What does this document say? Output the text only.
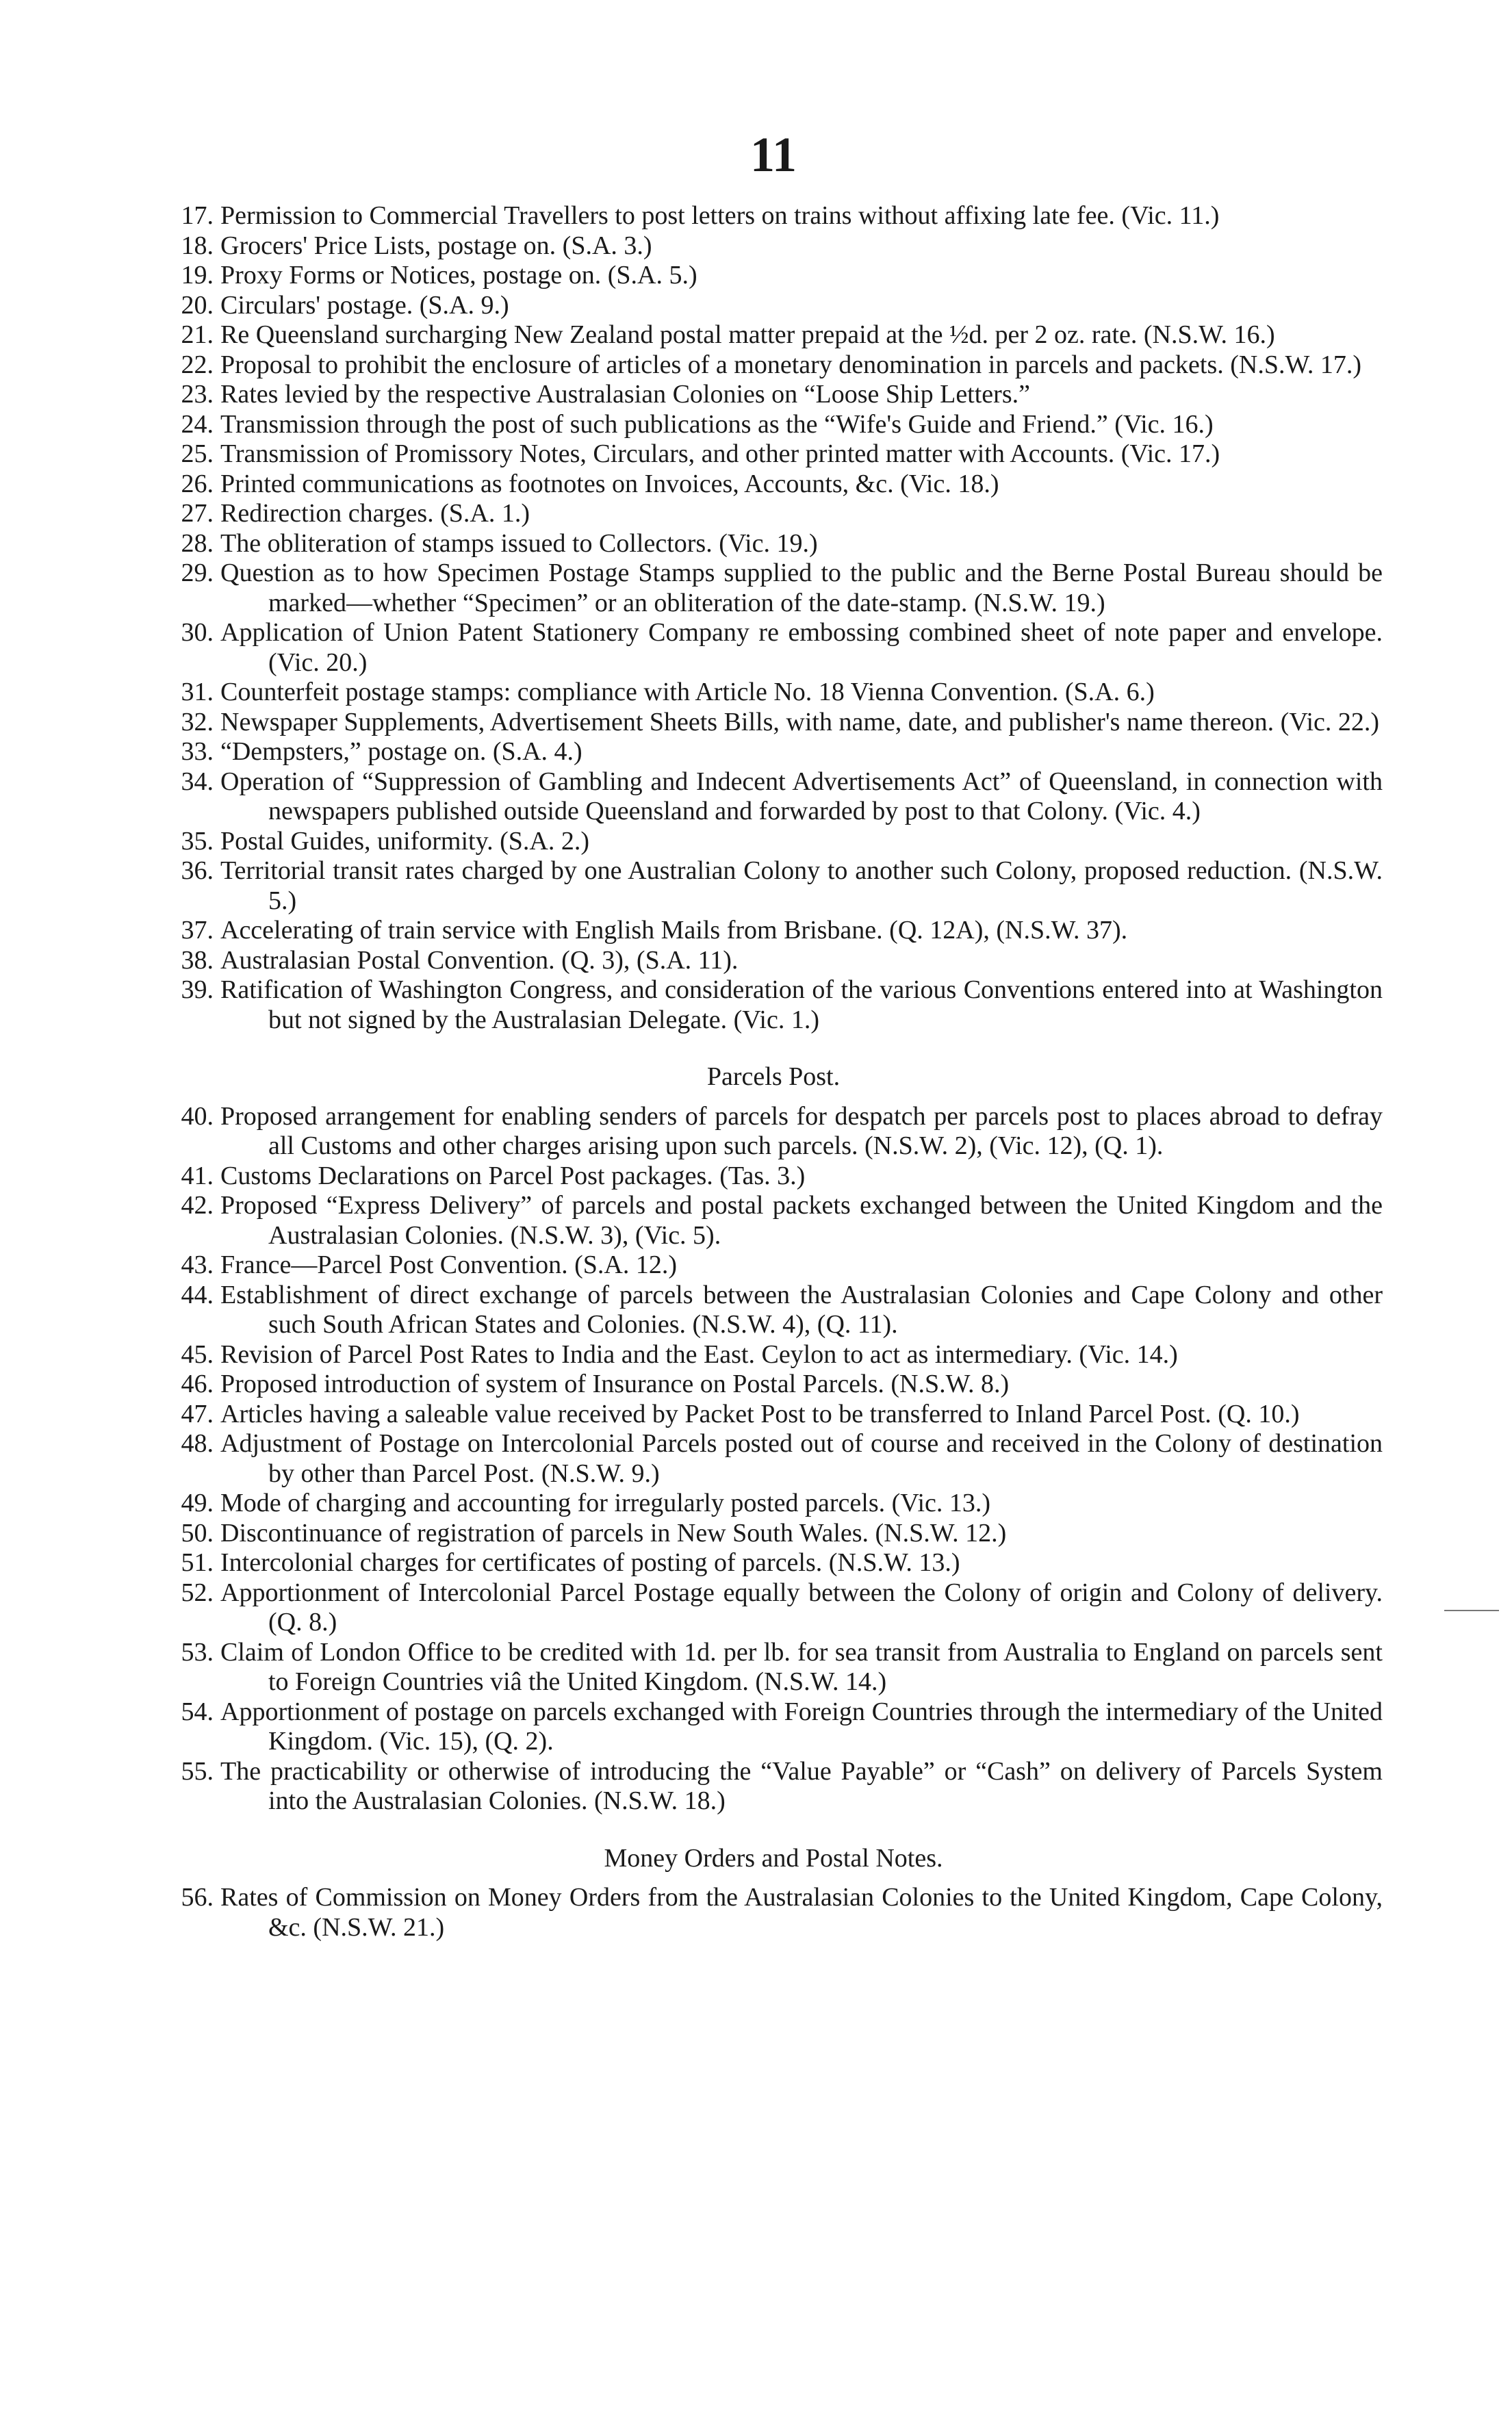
11
17. Permission to Commercial Travellers to post letters on trains without affixing late fee. (Vic. 11.)
18. Grocers' Price Lists, postage on. (S.A. 3.)
19. Proxy Forms or Notices, postage on. (S.A. 5.)
20. Circulars' postage. (S.A. 9.)
21. Re Queensland surcharging New Zealand postal matter prepaid at the ½d. per 2 oz. rate. (N.S.W. 16.)
22. Proposal to prohibit the enclosure of articles of a monetary denomination in parcels and packets. (N.S.W. 17.)
23. Rates levied by the respective Australasian Colonies on “Loose Ship Letters.”
24. Transmission through the post of such publications as the “Wife's Guide and Friend.” (Vic. 16.)
25. Transmission of Promissory Notes, Circulars, and other printed matter with Accounts. (Vic. 17.)
26. Printed communications as footnotes on Invoices, Accounts, &c. (Vic. 18.)
27. Redirection charges. (S.A. 1.)
28. The obliteration of stamps issued to Collectors. (Vic. 19.)
29. Question as to how Specimen Postage Stamps supplied to the public and the Berne Postal Bureau should be marked—whether “Specimen” or an obliteration of the date-stamp. (N.S.W. 19.)
30. Application of Union Patent Stationery Company re embossing combined sheet of note paper and envelope. (Vic. 20.)
31. Counterfeit postage stamps: compliance with Article No. 18 Vienna Convention. (S.A. 6.)
32. Newspaper Supplements, Advertisement Sheets Bills, with name, date, and publisher's name thereon. (Vic. 22.)
33. “Dempsters,” postage on. (S.A. 4.)
34. Operation of “Suppression of Gambling and Indecent Advertisements Act” of Queensland, in connection with newspapers published outside Queensland and forwarded by post to that Colony. (Vic. 4.)
35. Postal Guides, uniformity. (S.A. 2.)
36. Territorial transit rates charged by one Australian Colony to another such Colony, proposed reduction. (N.S.W. 5.)
37. Accelerating of train service with English Mails from Brisbane. (Q. 12A), (N.S.W. 37).
38. Australasian Postal Convention. (Q. 3), (S.A. 11).
39. Ratification of Washington Congress, and consideration of the various Conventions entered into at Washington but not signed by the Australasian Delegate. (Vic. 1.)
Parcels Post.
40. Proposed arrangement for enabling senders of parcels for despatch per parcels post to places abroad to defray all Customs and other charges arising upon such parcels. (N.S.W. 2), (Vic. 12), (Q. 1).
41. Customs Declarations on Parcel Post packages. (Tas. 3.)
42. Proposed “Express Delivery” of parcels and postal packets exchanged between the United Kingdom and the Australasian Colonies. (N.S.W. 3), (Vic. 5).
43. France—Parcel Post Convention. (S.A. 12.)
44. Establishment of direct exchange of parcels between the Australasian Colonies and Cape Colony and other such South African States and Colonies. (N.S.W. 4), (Q. 11).
45. Revision of Parcel Post Rates to India and the East. Ceylon to act as intermediary. (Vic. 14.)
46. Proposed introduction of system of Insurance on Postal Parcels. (N.S.W. 8.)
47. Articles having a saleable value received by Packet Post to be transferred to Inland Parcel Post. (Q. 10.)
48. Adjustment of Postage on Intercolonial Parcels posted out of course and received in the Colony of destination by other than Parcel Post. (N.S.W. 9.)
49. Mode of charging and accounting for irregularly posted parcels. (Vic. 13.)
50. Discontinuance of registration of parcels in New South Wales. (N.S.W. 12.)
51. Intercolonial charges for certificates of posting of parcels. (N.S.W. 13.)
52. Apportionment of Intercolonial Parcel Postage equally between the Colony of origin and Colony of delivery. (Q. 8.)
53. Claim of London Office to be credited with 1d. per lb. for sea transit from Australia to England on parcels sent to Foreign Countries viâ the United Kingdom. (N.S.W. 14.)
54. Apportionment of postage on parcels exchanged with Foreign Countries through the intermediary of the United Kingdom. (Vic. 15), (Q. 2).
55. The practicability or otherwise of introducing the “Value Payable” or “Cash” on delivery of Parcels System into the Australasian Colonies. (N.S.W. 18.)
Money Orders and Postal Notes.
56. Rates of Commission on Money Orders from the Australasian Colonies to the United Kingdom, Cape Colony, &c. (N.S.W. 21.)
